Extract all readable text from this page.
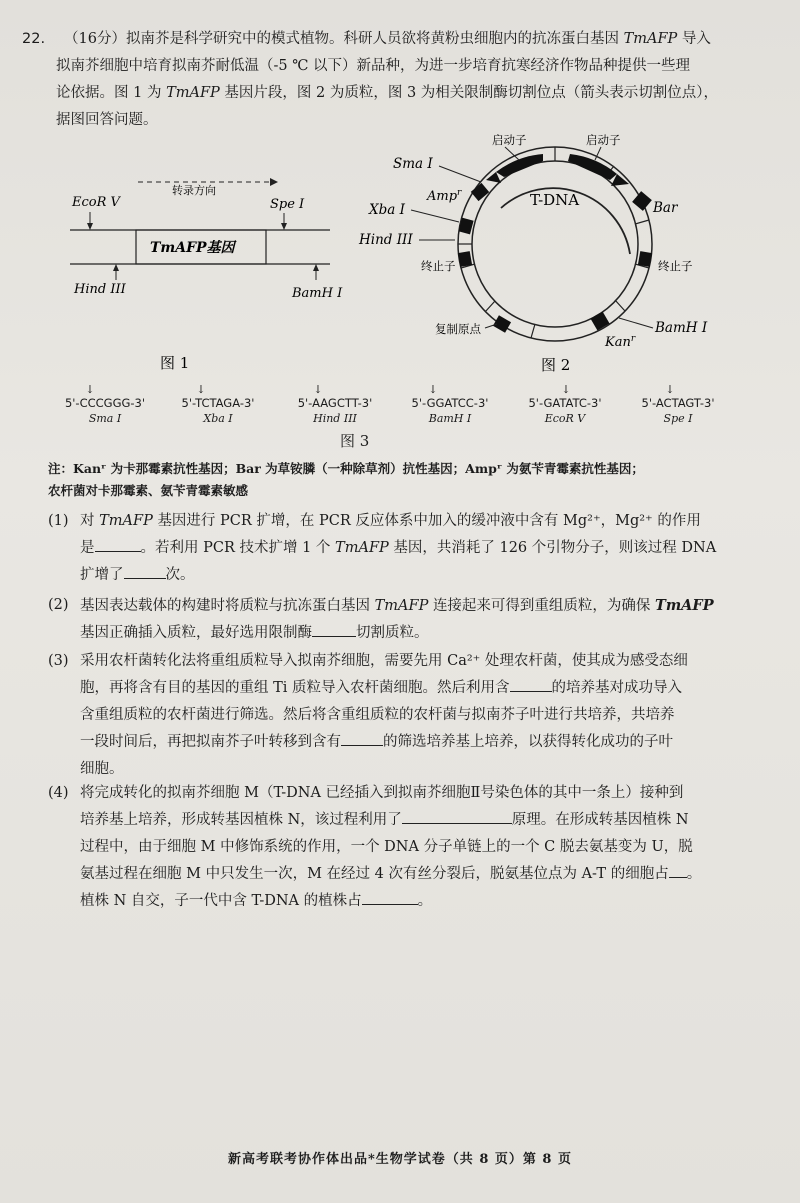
22. （16分）拟南芥是科学研究中的模式植物。科研人员欲将黄粉虫细胞内的抗冻蛋白基因 TmAFP 导入
拟南芥细胞中培育拟南芥耐低温（-5 ℃ 以下）新品种，为进一步培育抗寒经济作物品种提供一些理
论依据。图 1 为 TmAFP 基因片段，图 2 为质粒，图 3 为相关限制酶切割位点（箭头表示切割位点），
据图回答问题。
转录方向
EcoR V	Spe I
TmAFP基因
Hind III	BamH I
图 1
T-DNA
启动子	启动子
Sma I
Amp$^r$
Xba I
Hind III
Bar
终止子	终止子
复制原点
Kan$^r$
BamH I
图 2
↓
5'-CCCGGG-3'
Sma I
↓
5'-TCTAGA-3'
Xba I
↓
5'-AAGCTT-3'
Hind III
↓
5'-GGATCC-3'
BamH I
↓
5'-GATATC-3'
EcoR V
↓
5'-ACTAGT-3'
Spe I
图 3
注：Kanʳ 为卡那霉素抗性基因；Bar 为草铵膦（一种除草剂）抗性基因；Ampʳ 为氨苄青霉素抗性基因；
农杆菌对卡那霉素、氨苄青霉素敏感
(1) 对 TmAFP 基因进行 PCR 扩增，在 PCR 反应体系中加入的缓冲液中含有 Mg²⁺，Mg²⁺ 的作用
是	。若利用 PCR 技术扩增 1 个 TmAFP 基因，共消耗了 126 个引物分子，则该过程 DNA
扩增了	次。
(2) 基因表达载体的构建时将质粒与抗冻蛋白基因 TmAFP 连接起来可得到重组质粒，为确保 TmAFP
基因正确插入质粒，最好选用限制酶	切割质粒。
(3) 采用农杆菌转化法将重组质粒导入拟南芥细胞，需要先用 Ca²⁺ 处理农杆菌，使其成为感受态细
胞，再将含有目的基因的重组 Ti 质粒导入农杆菌细胞。然后利用含	的培养基对成功导入
含重组质粒的农杆菌进行筛选。然后将含重组质粒的农杆菌与拟南芥子叶进行共培养，共培养
一段时间后，再把拟南芥子叶转移到含有	的筛选培养基上培养，以获得转化成功的子叶
细胞。
(4) 将完成转化的拟南芥细胞 M（T-DNA 已经插入到拟南芥细胞Ⅱ号染色体的其中一条上）接种到
培养基上培养，形成转基因植株 N，该过程利用了	原理。在形成转基因植株 N
过程中，由于细胞 M 中修饰系统的作用，一个 DNA 分子单链上的一个 C 脱去氨基变为 U，脱
氨基过程在细胞 M 中只发生一次，M 在经过 4 次有丝分裂后，脱氨基位点为 A-T 的细胞占 。
植株 N 自交，子一代中含 T-DNA 的植株占	。
新高考联考协作体出品*生物学试卷（共 8 页）第 8 页
